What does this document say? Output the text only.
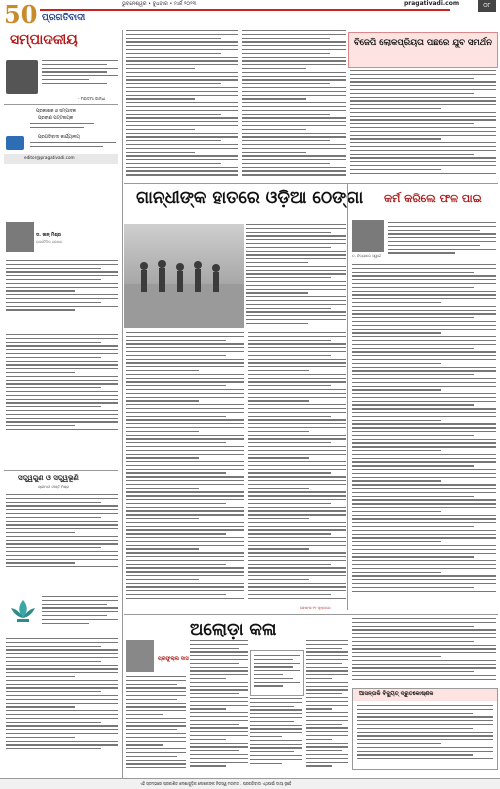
50	ଭୁବନେଶ୍ୱର • ବୁଧବାର • ମାର୍ଚ୍ଚ ୨୦୨୩	pragativadi.com	୦୮
ପ୍ରଗତିବାଦୀ
ସମ୍ପାଦକୀୟ
- ମହାତ୍ମା ଗାନ୍ଧୀ
ପ୍ରକାଶକ ଓ ସମ୍ପାଦକ
ପ୍ରବୀଣ ପଟ୍ଟନାୟକ
ପ୍ରଗତିବାଦୀ କାର୍ଯ୍ୟାଳୟ
editor@pragativadi.com
ଡ. ଜାନ୍ ମିଶ୍ର
ରାଜନୈତିକ ଲେଖକ
ସତ୍ତ୍ୱଗୁଣ ଓ ସତ୍ତ୍ୱଭୂଣି
ଶ୍ରୀମତୀ ଦୀପ୍ତି ମିଶ୍ର
ବିଜେପି ଲୋକପ୍ରିୟତା ପଛରେ ଯୁବ ସମର୍ଥନ
ଗାନ୍ଧୀଙ୍କ ହାତରେ ଓଡ଼ିଆ ଠେଙ୍ଗା
ଶେଷାଂଶ ୧୧ ପୃଷ୍ଠାରେ
କର୍ମ କରିଲେ ଫଳ ପାଇ
ଡ. ନିତ୍ୟାନନ୍ଦ ସ୍ୱାଇଁ
ଅଲୋଡ଼ା କଳା
ପ୍ରଫୁଲ୍ଲ ଦାସ
ଆସନ୍ତାକି ବିଦ୍ୟୁତ୍ ଦ୍ରୁତକୋଷ୍ଣକ
ଏହି ସ୍ତମ୍ଭରେ ପ୍ରକାଶିତ ଲେଖାଗୁଡ଼ିକ ଲେଖକଙ୍କ ନିଜସ୍ୱ ମତାମତ - ପ୍ରଗତିବାଦୀ ଏଥିପାଇଁ ଦାୟୀ ନୁହେଁ
